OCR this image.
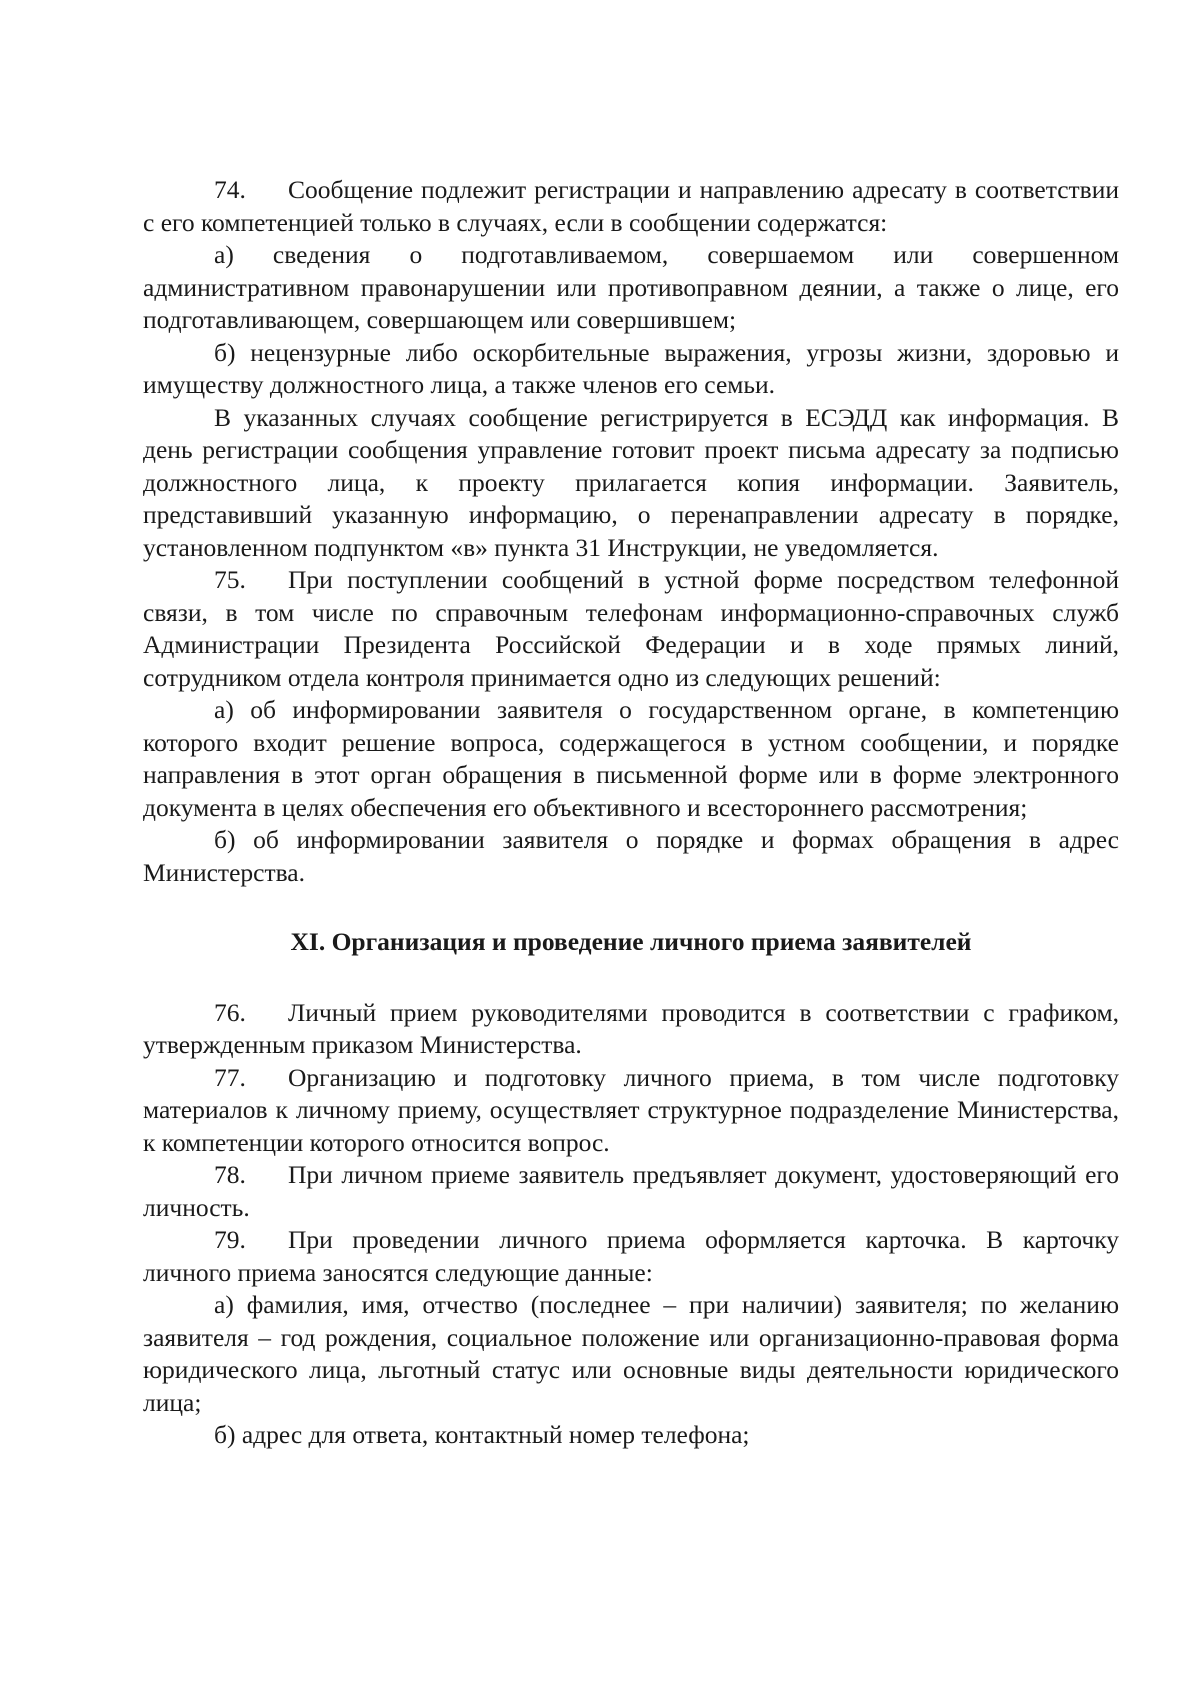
74. Сообщение подлежит регистрации и направлению адресату в соответствии с его компетенцией только в случаях, если в сообщении содержатся:

а) сведения о подготавливаемом, совершаемом или совершенном административном правонарушении или противоправном деянии, а также о лице, его подготавливающем, совершающем или совершившем;

б) нецензурные либо оскорбительные выражения, угрозы жизни, здоровью и имуществу должностного лица, а также членов его семьи.

В указанных случаях сообщение регистрируется в ЕСЭДД как информация. В день регистрации сообщения управление готовит проект письма адресату за подписью должностного лица, к проекту прилагается копия информации. Заявитель, представивший указанную информацию, о перенаправлении адресату в порядке, установленном подпунктом «в» пункта 31 Инструкции, не уведомляется.

75. При поступлении сообщений в устной форме посредством телефонной связи, в том числе по справочным телефонам информационно-справочных служб Администрации Президента Российской Федерации и в ходе прямых линий, сотрудником отдела контроля принимается одно из следующих решений:

а) об информировании заявителя о государственном органе, в компетенцию которого входит решение вопроса, содержащегося в устном сообщении, и порядке направления в этот орган обращения в письменной форме или в форме электронного документа в целях обеспечения его объективного и всестороннего рассмотрения;

б) об информировании заявителя о порядке и формах обращения в адрес Министерства.

XI. Организация и проведение личного приема заявителей

76. Личный прием руководителями проводится в соответствии с графиком, утвержденным приказом Министерства.

77. Организацию и подготовку личного приема, в том числе подготовку материалов к личному приему, осуществляет структурное подразделение Министерства, к компетенции которого относится вопрос.

78. При личном приеме заявитель предъявляет документ, удостоверяющий его личность.

79. При проведении личного приема оформляется карточка. В карточку личного приема заносятся следующие данные:

а) фамилия, имя, отчество (последнее – при наличии) заявителя; по желанию заявителя – год рождения, социальное положение или организационно-правовая форма юридического лица, льготный статус или основные виды деятельности юридического лица;

б) адрес для ответа, контактный номер телефона;
